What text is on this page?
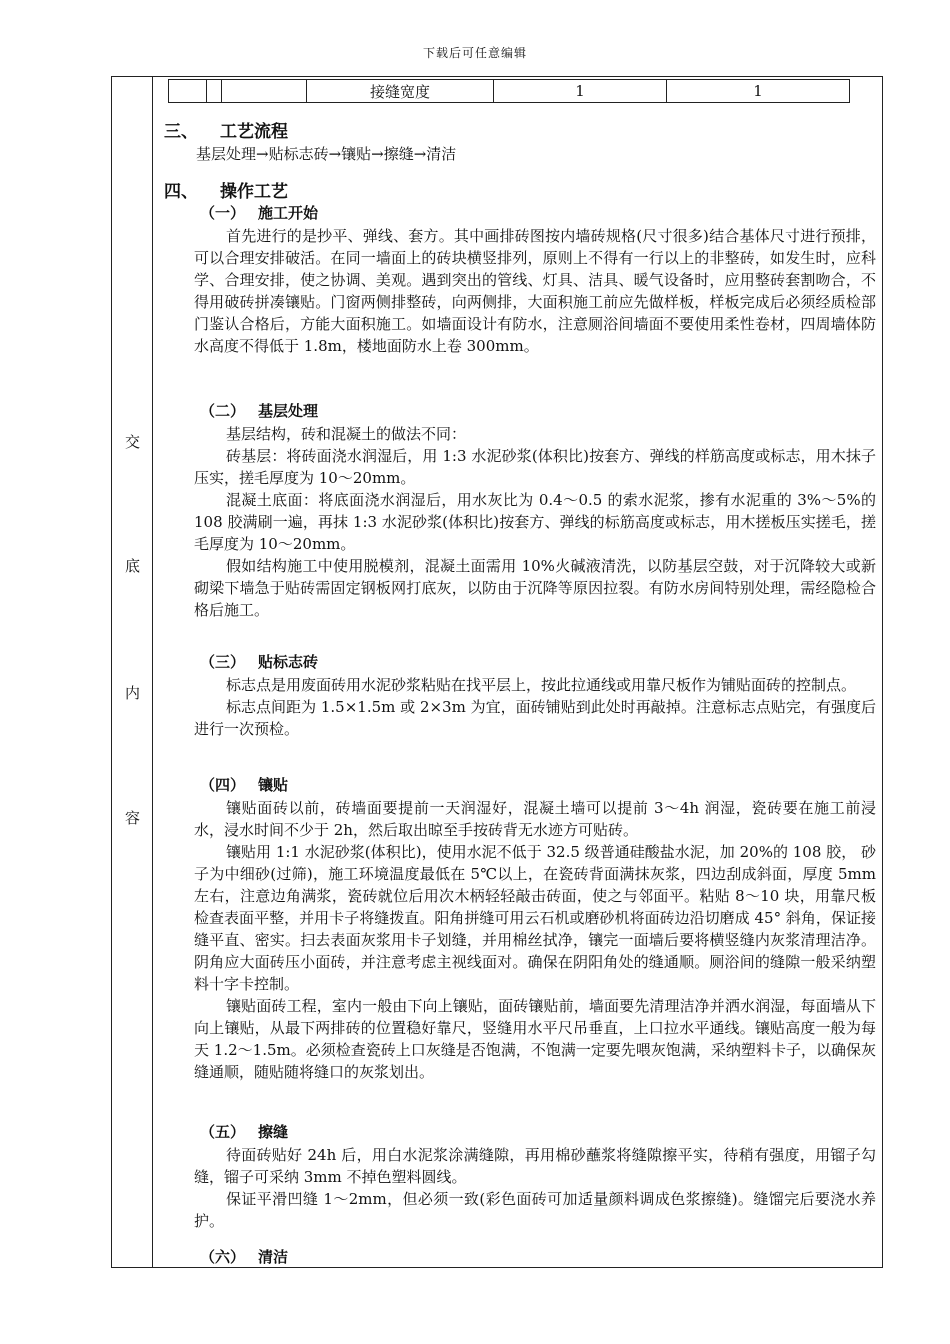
下载后可任意编辑
交
底
内
容
			接缝宽度	1	1
三、 工艺流程
基层处理→贴标志砖→镶贴→擦缝→清洁
四、 操作工艺
（一） 施工开始

首先进行的是抄平、弹线、套方。其中画排砖图按内墙砖规格(尺寸很多)结合基体尺寸进行预排，可以合理安排破活。在同一墙面上的砖块横竖排列，原则上不得有一行以上的非整砖，如发生时，应科学、合理安排，使之协调、美观。遇到突出的管线、灯具、洁具、暖气设备时，应用整砖套割吻合，不得用破砖拼凑镶贴。门窗两侧排整砖，向两侧排，大面积施工前应先做样板，样板完成后必须经质检部门鉴认合格后，方能大面积施工。如墙面设计有防水，注意厕浴间墙面不要使用柔性卷材，四周墙体防水高度不得低于 1.8m，楼地面防水上卷 300mm。

（二） 基层处理

基层结构，砖和混凝土的做法不同：

砖基层：将砖面浇水润湿后，用 1:3 水泥砂浆(体积比)按套方、弹线的样筋高度或标志，用木抹子压实，搓毛厚度为 10～20mm。

混凝土底面：将底面浇水润湿后，用水灰比为 0.4～0.5 的索水泥浆，掺有水泥重的 3%～5%的 108 胶满刷一遍，再抹 1:3 水泥砂浆(体积比)按套方、弹线的标筋高度或标志，用木搓板压实搓毛，搓毛厚度为 10～20mm。

假如结构施工中使用脱模剂，混凝土面需用 10%火碱液清洗，以防基层空鼓，对于沉降较大或新砌梁下墙急于贴砖需固定钢板网打底灰，以防由于沉降等原因拉裂。有防水房间特别处理，需经隐检合格后施工。

（三） 贴标志砖

标志点是用废面砖用水泥砂浆粘贴在找平层上，按此拉通线或用靠尺板作为铺贴面砖的控制点。

标志点间距为 1.5×1.5m 或 2×3m 为宜，面砖铺贴到此处时再敲掉。注意标志点贴完，有强度后进行一次预检。

（四） 镶贴

镶贴面砖以前，砖墙面要提前一天润湿好，混凝土墙可以提前 3～4h 润湿，瓷砖要在施工前浸水，浸水时间不少于 2h，然后取出晾至手按砖背无水迹方可贴砖。

镶贴用 1:1 水泥砂浆(体积比)，使用水泥不低于 32.5 级普通硅酸盐水泥，加 20%的 108 胶， 砂子为中细砂(过筛)，施工环境温度最低在 5℃以上，在瓷砖背面满抹灰浆，四边刮成斜面，厚度 5mm 左右，注意边角满浆，瓷砖就位后用次木柄轻轻敲击砖面，使之与邻面平。粘贴 8～10 块，用靠尺板检查表面平整，并用卡子将缝拨直。阳角拼缝可用云石机或磨砂机将面砖边沿切磨成 45° 斜角，保证接缝平直、密实。扫去表面灰浆用卡子划缝，并用棉丝拭净，镶完一面墙后要将横竖缝内灰浆清理洁净。阴角应大面砖压小面砖，并注意考虑主视线面对。确保在阴阳角处的缝通顺。厕浴间的缝隙一般采纳塑料十字卡控制。

镶贴面砖工程，室内一般由下向上镶贴，面砖镶贴前，墙面要先清理洁净并洒水润湿，每面墙从下向上镶贴，从最下两排砖的位置稳好靠尺，竖缝用水平尺吊垂直，上口拉水平通线。镶贴高度一般为每天 1.2～1.5m。必须检查瓷砖上口灰缝是否饱满，不饱满一定要先喂灰饱满，采纳塑料卡子，以确保灰缝通顺，随贴随将缝口的灰浆划出。

（五） 擦缝

待面砖贴好 24h 后，用白水泥浆涂满缝隙，再用棉砂蘸浆将缝隙擦平实，待稍有强度，用镏子勾缝，镏子可采纳 3mm 不掉色塑料圆线。

保证平滑凹缝 1～2mm，但必须一致(彩色面砖可加适量颜料调成色浆擦缝)。缝馏完后要浇水养护。

（六） 清洁
